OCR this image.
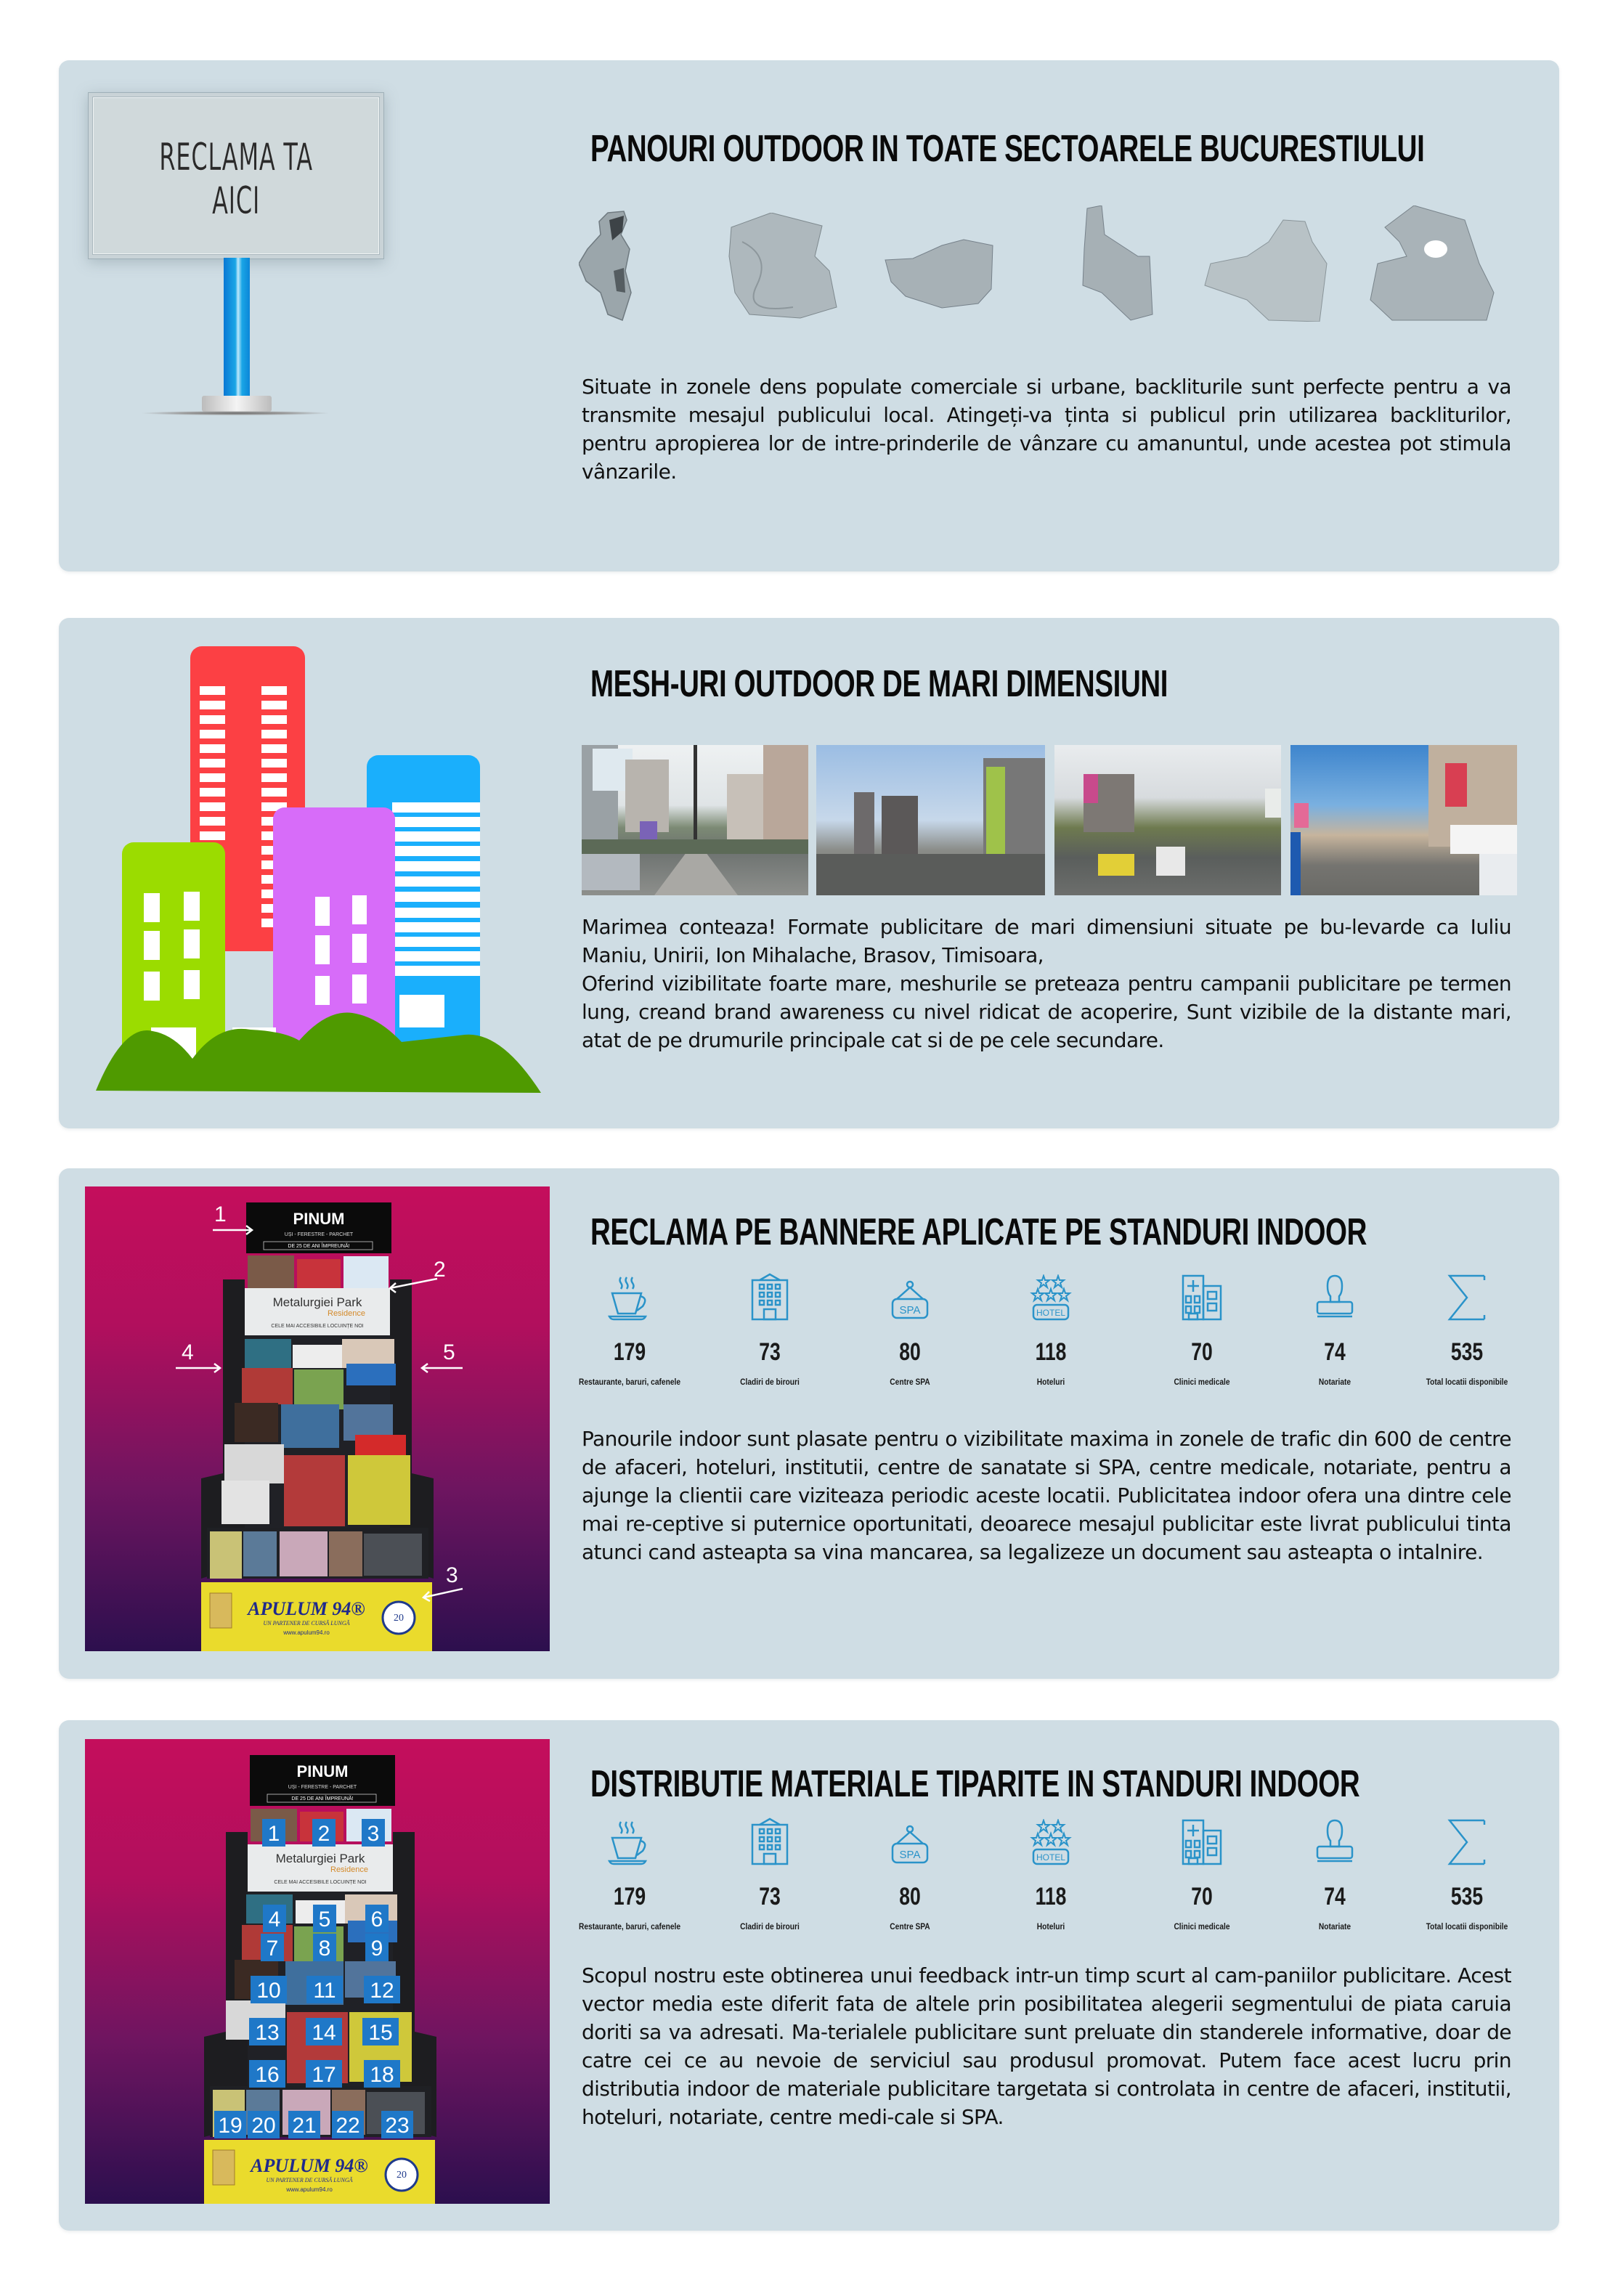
RECLAMA TA AICI
PANOURI OUTDOOR IN TOATE SECTOARELE BUCURESTIULUI

Situate in zonele dens populate comerciale si urbane, backliturile sunt perfecte pentru a va transmite mesajul publicului local. Atingeți-va ținta si publicul prin utilizarea backliturilor, pentru apropierea lor de intre-prinderile de vânzare cu amanuntul, unde acestea pot stimula vânzarile.

MESH-URI OUTDOOR DE MARI DIMENSIUNI

Marimea conteaza! Formate publicitare de mari dimensiuni situate pe bu-levarde ca Iuliu Maniu, Unirii, Ion Mihalache, Brasov, Timisoara,

Oferind vizibilitate foarte mare, meshurile se preteaza pentru campanii publicitare pe termen lung, creand brand awareness cu nivel ridicat de acoperire, Sunt vizibile de la distante mari, atat de pe drumurile principale cat si de pe cele secundare.

PINUM
UȘI - FERESTRE - PARCHET
DE 25 DE ANI ÎMPREUNĂ!
Metalurgiei Park
Residence
CELE MAI ACCESIBILE LOCUINȚE NOI
APULUM 94®
UN PARTENER DE CURSĂ LUNGĂ
www.apulum94.ro
20
1
2
4	5
3
RECLAMA PE BANNERE APLICATE PE STANDURI INDOOR
179
Restaurante, baruri, cafenele
73
Cladiri de birouri
SPA
80
Centre SPA
HOTEL
118
Hoteluri
70
Clinici medicale
74
Notariate
535
Total locatii disponibile

Panourile indoor sunt plasate pentru o vizibilitate maxima in zonele de trafic din 600 de centre de afaceri, hoteluri, institutii, centre de sanatate si SPA, centre medicale, notariate, pentru a ajunge la clientii care viziteaza periodic aceste locatii. Publicitatea indoor ofera una dintre cele mai re-ceptive si puternice oportunitati, deoarece mesajul publicitar este livrat publicului tinta atunci cand asteapta sa vina mancarea, sa legalizeze un document sau asteapta o intalnire.

PINUM
UȘI - FERESTRE - PARCHET
DE 25 DE ANI ÎMPREUNĂ!
Metalurgiei Park
Residence
CELE MAI ACCESIBILE LOCUINȚE NOI
APULUM 94®
UN PARTENER DE CURSĂ LUNGĂ
www.apulum94.ro
20
1 2 3
4 5 6
7 8 9
10 11 12
13 14 15
16 17 18
19 20 21 22 23
DISTRIBUTIE MATERIALE TIPARITE IN STANDURI INDOOR
179
Restaurante, baruri, cafenele
73
Cladiri de birouri
SPA
80
Centre SPA
HOTEL
118
Hoteluri
70
Clinici medicale
74
Notariate
535
Total locatii disponibile

Scopul nostru este obtinerea unui feedback intr-un timp scurt al cam-paniilor publicitare. Acest vector media este diferit fata de altele prin posibilitatea alegerii segmentului de piata caruia doriti sa va adresati. Ma-terialele publicitare sunt preluate din standerele informative, doar de catre cei ce au nevoie de serviciul sau produsul promovat. Putem face acest lucru prin distributia indoor de materiale publicitare targetata si controlata in centre de afaceri, institutii, hoteluri, notariate, centre medi-cale si SPA.
